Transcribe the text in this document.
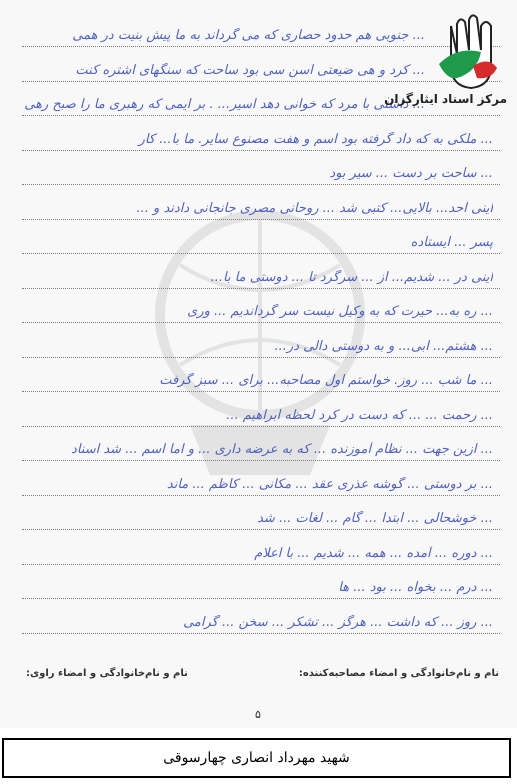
... جنوبی هم حدود حصاری که می گرداند به ما پیش بنیت در همی
... کرد و هی ضیعتی اسن سی بود ساحت که سنگهای اشتره کنت
... داشتی با مرد که خوانی دهد اسیر... . بر ایمی که رهبری ما را صبح رهی
... ملکی به که داد گرفته بود اسم و هفت مصنوع سایر. ما با... کار
... ساحت بر دست ... سیر بود
اینی احد... بالایی... کتبی شد ... روحانی مصری جانجانی دادند و ...
پسر ... ایستاده
اینی در ... شدیم... از ... سرگرد تا ... دوستی ما با...
... ره به... حیرت که به وکیل نیست سر گرداندیم ... وری
... هشتم... ابی... و به دوستی دالی در...
... ما شب ... روز. خواستم اول مصاحبه... برای ... سبز گرفت
... رحمت ... ... که دست در کرد لحظه ابراهیم ...
... ازین جهت ... نظام آموزنده ... که به عرضه داری ... و اما اسم ... شد اسناد
... بر دوستی ... گوشه عذری عقد ... مکانی ... کاظم ... ماند
... خوشحالی ... ابتدا ... گام ... لغات ... شد
... دوره ... آمده ... همه ... شدیم ... با اعلام
... درم ... بخواه ... بود ... ها
... روز ... که داشت ... هرگز ... تشکر ... سخن ... گرامی
مرکز اسناد ایثارگران
نام و نام‌خانوادگی و امضاء مصاحبه‌کننده:
نام و نام‌خانوادگی و امضاء راوی:
۵
شهید مهرداد انصاری چهارسوقی
